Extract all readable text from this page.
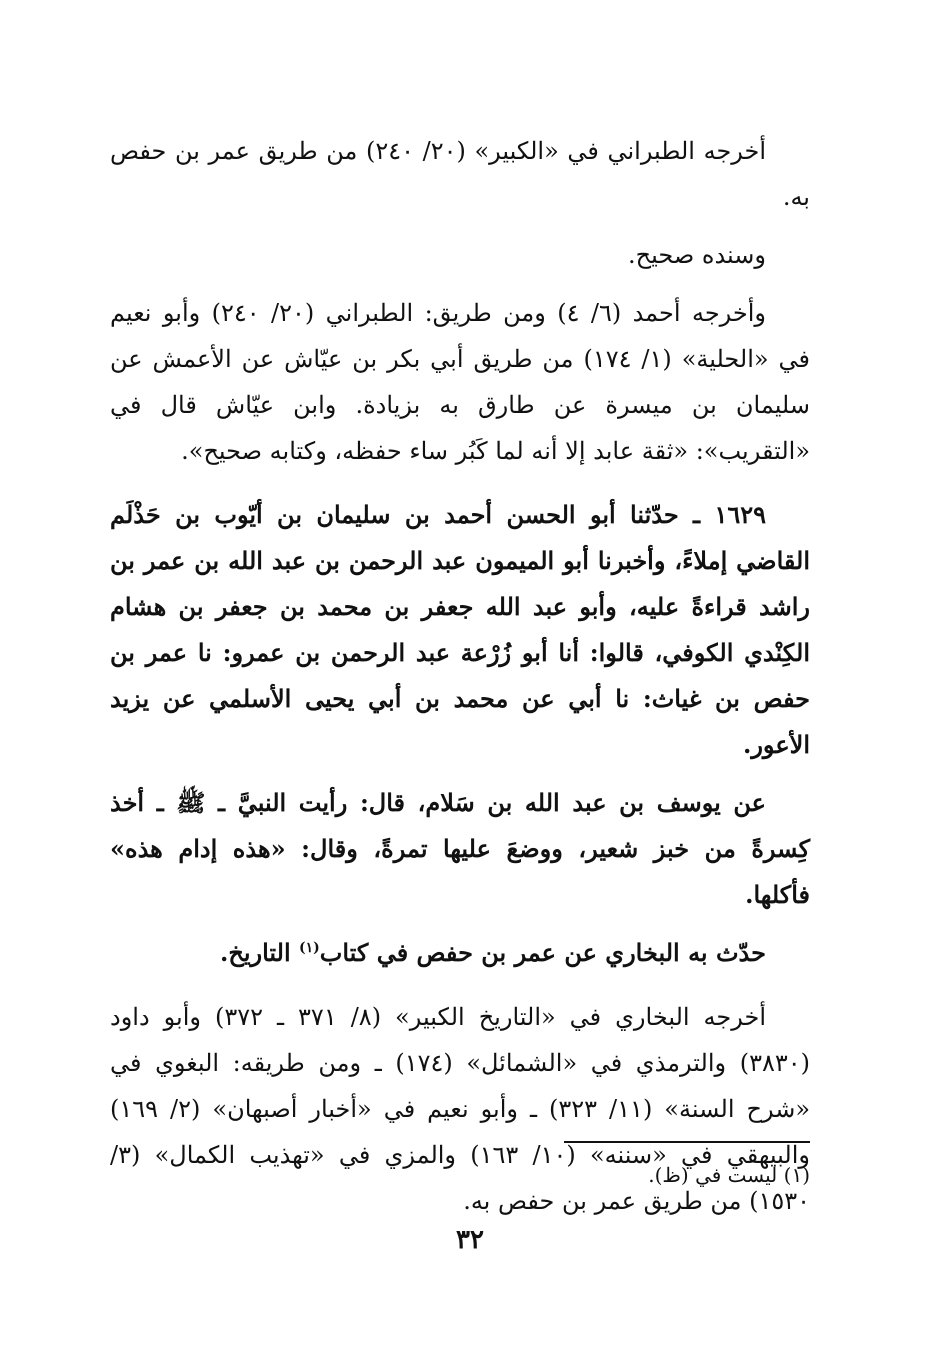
أخرجه الطبراني في «الكبير» (٢٠/ ٢٤٠) من طريق عمر بن حفص به.

وسنده صحيح.

وأخرجه أحمد (٦/ ٤) ومن طريق: الطبراني (٢٠/ ٢٤٠) وأبو نعيم في «الحلية» (١/ ١٧٤) من طريق أبي بكر بن عيّاش عن الأعمش عن سليمان بن ميسرة عن طارق به بزيادة. وابن عيّاش قال في «التقريب»: «ثقة عابد إلا أنه لما كَبُر ساء حفظه، وكتابه صحيح».

١٦٢٩ ـ حدّثنا أبو الحسن أحمد بن سليمان بن أيّوب بن حَذْلَم القاضي إملاءً، وأخبرنا أبو الميمون عبد الرحمن بن عبد الله بن عمر بن راشد قراءةً عليه، وأبو عبد الله جعفر بن محمد بن جعفر بن هشام الكِنْدي الكوفي، قالوا: أنا أبو زُرْعة عبد الرحمن بن عمرو: نا عمر بن حفص بن غياث: نا أبي عن محمد بن أبي يحيى الأسلمي عن يزيد الأعور.

عن يوسف بن عبد الله بن سَلام، قال: رأيت النبيَّ ـ ﷺ ـ أخذ كِسرةً من خبز شعير، ووضعَ عليها تمرةً، وقال: «هذه إدام هذه» فأكلها.

حدّث به البخاري عن عمر بن حفص في كتاب$^{(١)}$ التاريخ.

أخرجه البخاري في «التاريخ الكبير» (٨/ ٣٧١ ـ ٣٧٢) وأبو داود (٣٨٣٠) والترمذي في «الشمائل» (١٧٤) ـ ومن طريقه: البغوي في «شرح السنة» (١١/ ٣٢٣) ـ وأبو نعيم في «أخبار أصبهان» (٢/ ١٦٩) والبيهقي في «سننه» (١٠/ ١٦٣) والمزي في «تهذيب الكمال» (٣/ ١٥٣٠) من طريق عمر بن حفص به.

(١) ليست في (ظ).
٣٢
